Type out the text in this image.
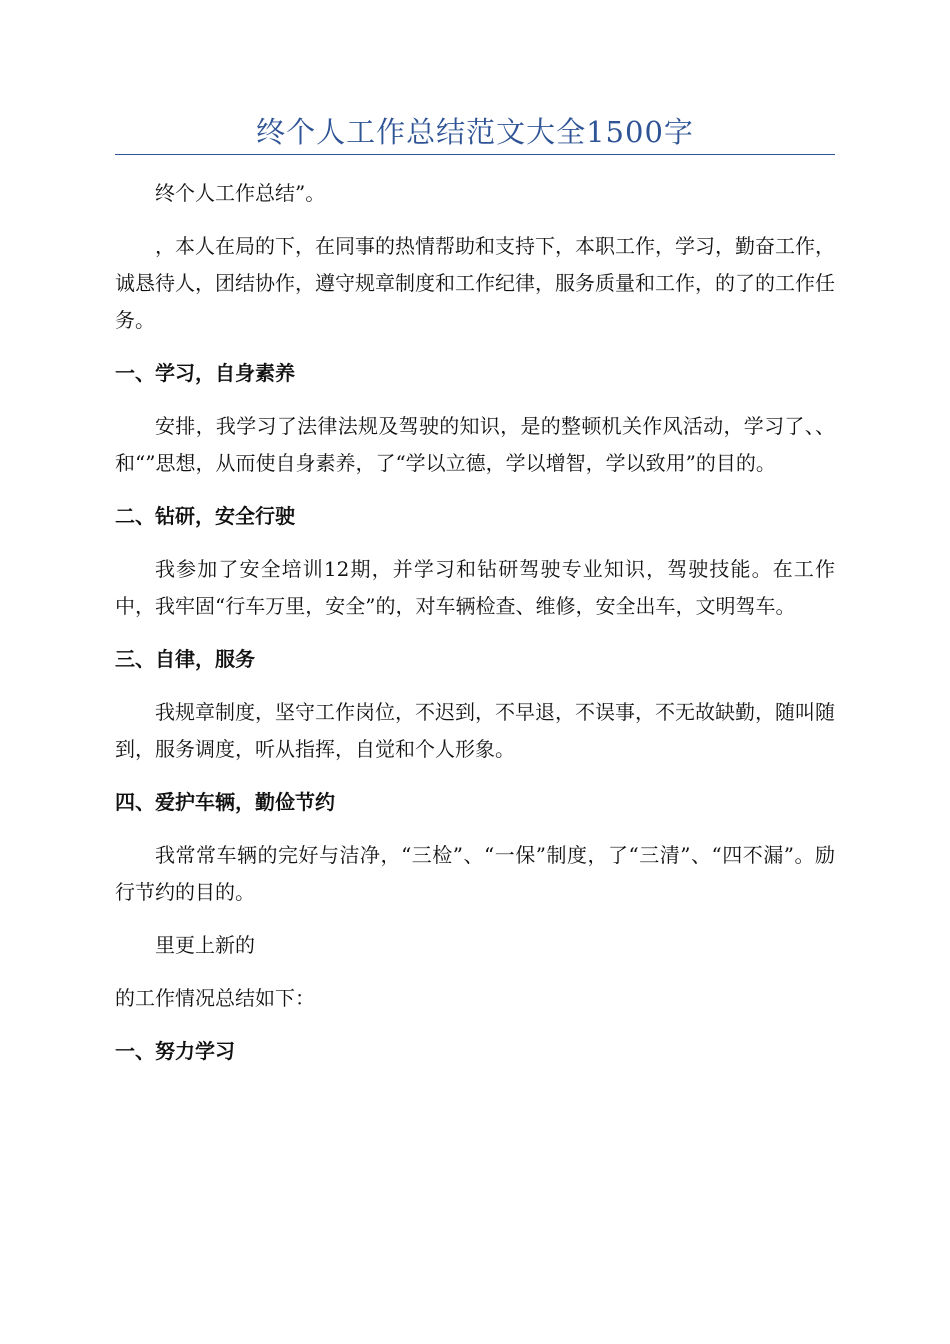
终个人工作总结范文大全1500字

终个人工作总结”。

，本人在局的下，在同事的热情帮助和支持下，本职工作，学习，勤奋工作，诚恳待人，团结协作，遵守规章制度和工作纪律，服务质量和工作，的了的工作任务。

一、学习，自身素养

安排，我学习了法律法规及驾驶的知识，是的整顿机关作风活动，学习了、、和“”思想，从而使自身素养，了“学以立德，学以增智，学以致用”的目的。

二、钻研，安全行驶

我参加了安全培训12期，并学习和钻研驾驶专业知识，驾驶技能。在工作中，我牢固“行车万里，安全”的，对车辆检查、维修，安全出车，文明驾车。

三、自律，服务

我规章制度，坚守工作岗位，不迟到，不早退，不误事，不无故缺勤，随叫随到，服务调度，听从指挥，自觉和个人形象。

四、爱护车辆，勤俭节约

我常常车辆的完好与洁净，“三检”、“一保”制度，了“三清”、“四不漏”。励行节约的目的。

里更上新的

的工作情况总结如下：

一、努力学习
